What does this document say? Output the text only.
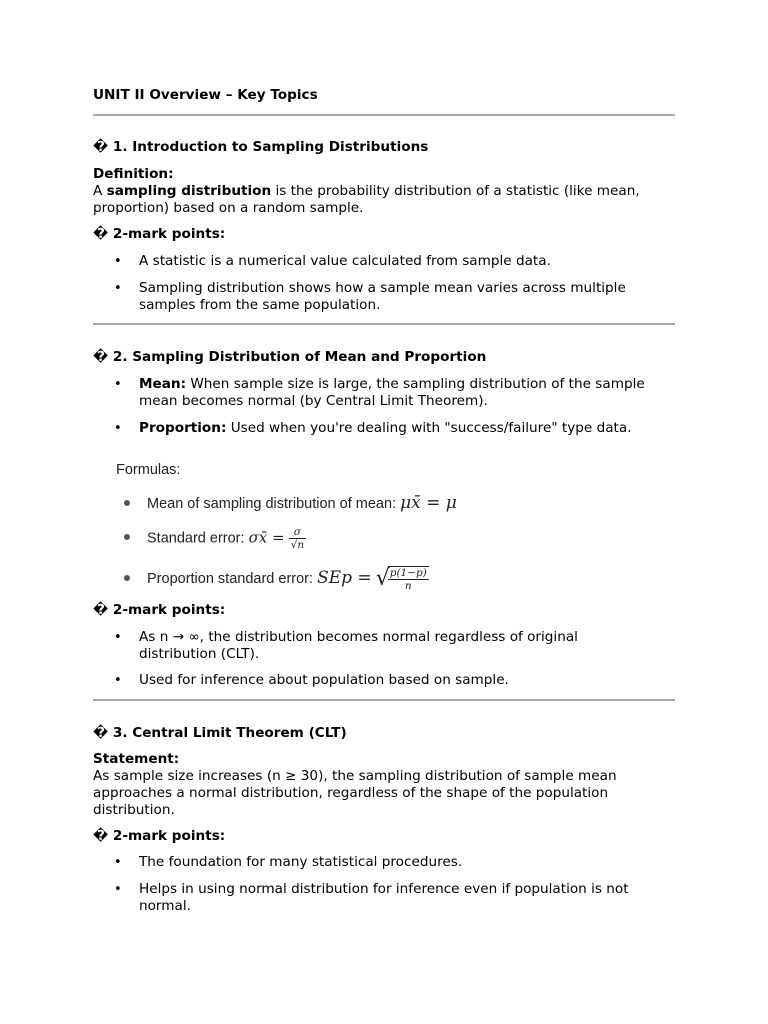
UNIT II Overview – Key Topics
� 1. Introduction to Sampling Distributions
Definition:
A sampling distribution is the probability distribution of a statistic (like mean, proportion) based on a random sample.
� 2-mark points:
• A statistic is a numerical value calculated from sample data.
• Sampling distribution shows how a sample mean varies across multiple samples from the same population.
� 2. Sampling Distribution of Mean and Proportion
• Mean: When sample size is large, the sampling distribution of the sample mean becomes normal (by Central Limit Theorem).
• Proportion: Used when you're dealing with "success/failure" type data.
Formulas:
Mean of sampling distribution of mean: μx̄ = μ
Standard error: σx̄ = $\frac{\sigma}{√n}$
Proportion standard error: SEp = √
$\frac{p(1-p)}{n}$
� 2-mark points:
• As n → ∞, the distribution becomes normal regardless of original distribution (CLT).
• Used for inference about population based on sample.
� 3. Central Limit Theorem (CLT)
Statement:
As sample size increases (n ≥ 30), the sampling distribution of sample mean approaches a normal distribution, regardless of the shape of the population distribution.
� 2-mark points:
• The foundation for many statistical procedures.
• Helps in using normal distribution for inference even if population is not normal.
